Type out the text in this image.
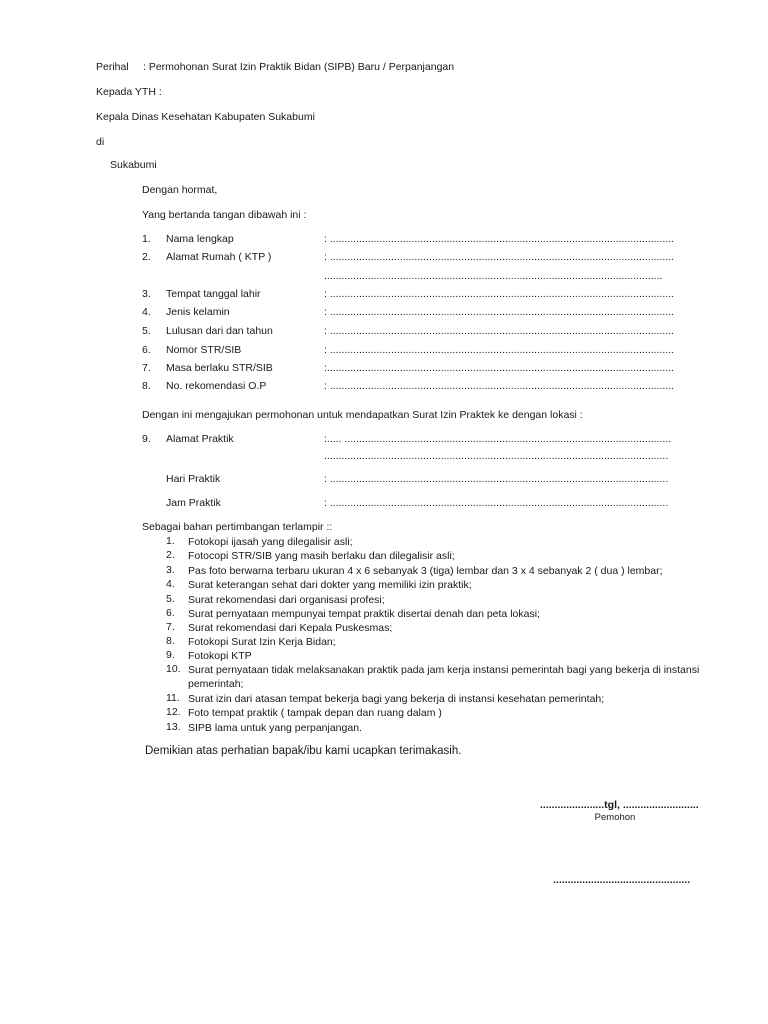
Perihal : Permohonan Surat Izin Praktik Bidan (SIPB) Baru / Perpanjangan
Kepada YTH :
Kepala Dinas Kesehatan Kabupaten Sukabumi
di
Sukabumi
Dengan hormat,
Yang bertanda tangan dibawah ini :
1. Nama lengkap	: ......................................................................................................................
2. Alamat Rumah ( KTP )	: ......................................................................................................................
....................................................................................................................
3. Tempat tanggal lahir	: ......................................................................................................................
4. Jenis kelamin	: ......................................................................................................................
5. Lulusan dari dan tahun	: ......................................................................................................................
6. Nomor STR/SIB	: ......................................................................................................................
7. Masa berlaku STR/SIB	:.......................................................................................................................
8. No. rekomendasi O.P	: ......................................................................................................................
Dengan ini mengajukan permohonan untuk mendapatkan Surat Izin Praktek ke dengan lokasi :
9. Alamat Praktik	:..... ................................................................................................................
......................................................................................................................
Hari Praktik	: ....................................................................................................................
Jam Praktik	: ....................................................................................................................
Sebagai bahan pertimbangan terlampir ::
1. Fotokopi ijasah yang dilegalisir asli;
2. Fotocopi STR/SIB yang masih berlaku dan dilegalisir asli;
3. Pas foto berwarna terbaru ukuran 4 x 6 sebanyak 3 (tiga) lembar dan 3 x 4 sebanyak 2 ( dua ) lembar;
4. Surat keterangan sehat dari dokter yang memiliki izin praktik;
5. Surat rekomendasi dari organisasi profesi;
6. Surat pernyataan mempunyai tempat praktik disertai denah dan peta lokasi;
7. Surat rekomendasi dari Kepala Puskesmas;
8. Fotokopi Surat Izin Kerja Bidan;
9. Fotokopi KTP
10. Surat pernyataan tidak melaksanakan praktik pada jam kerja instansi pemerintah bagi yang bekerja di instansi pemerintah;
11. Surat izin dari atasan tempat bekerja bagi yang bekerja di instansi kesehatan pemerintah;
12. Foto tempat praktik ( tampak depan dan ruang dalam )
13. SIPB lama untuk yang perpanjangan.
Demikian atas perhatian bapak/ibu kami ucapkan terimakasih.
......................tgl, ..........................
Pemohon
...............................................
